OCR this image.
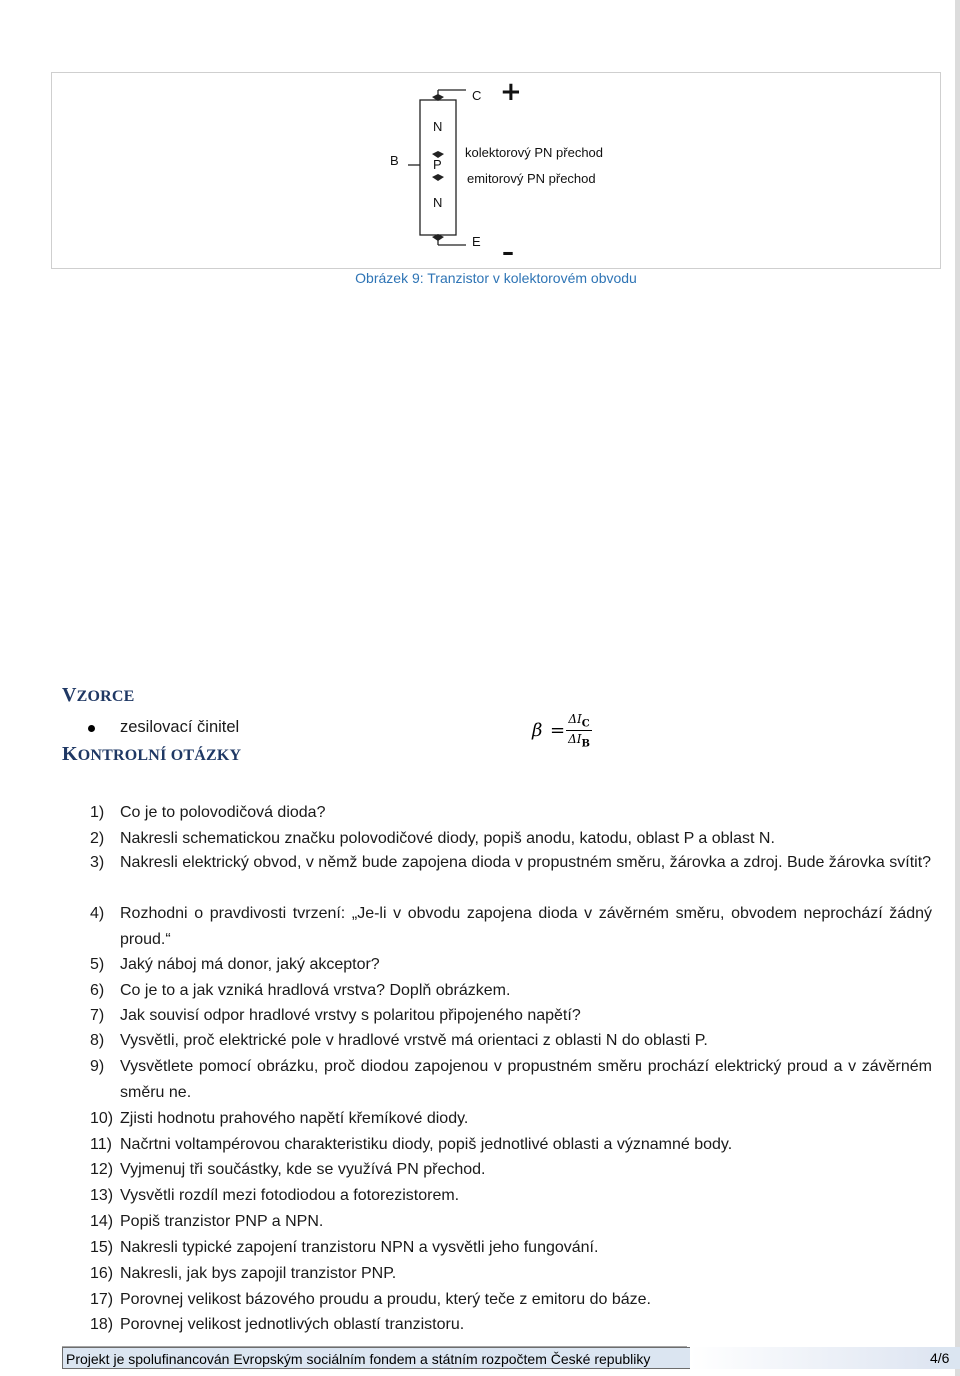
C
E
B
N
P
N
kolektorový PN přechod
emitorový PN přechod
+
–
Obrázek 9: Tranzistor v kolektorovém obvodu
VZORCE
zesilovací činitel	β =
$\Delta I_C$
$\Delta I_B$
KONTROLNÍ OTÁZKY
1) Co je to polovodičová dioda?
2) Nakresli schematickou značku polovodičové diody, popiš anodu, katodu, oblast P a oblast N.
3) Nakresli elektrický obvod, v němž bude zapojena dioda v propustném směru, žárovka a zdroj. Bude žárovka svítit?
4) Rozhodni o pravdivosti tvrzení: „Je-li v obvodu zapojena dioda v závěrném směru, obvodem neprochází žádný proud.“
5) Jaký náboj má donor, jaký akceptor?
6) Co je to a jak vzniká hradlová vrstva? Doplň obrázkem.
7) Jak souvisí odpor hradlové vrstvy s polaritou připojeného napětí?
8) Vysvětli, proč elektrické pole v hradlové vrstvě má orientaci z oblasti N do oblasti P.
9) Vysvětlete pomocí obrázku, proč diodou zapojenou v propustném směru prochází elektrický proud a v závěrném směru ne.
10) Zjisti hodnotu prahového napětí křemíkové diody.
11) Načrtni voltampérovou charakteristiku diody, popiš jednotlivé oblasti a významné body.
12) Vyjmenuj tři součástky, kde se využívá PN přechod.
13) Vysvětli rozdíl mezi fotodiodou a fotorezistorem.
14) Popiš tranzistor PNP a NPN.
15) Nakresli typické zapojení tranzistoru NPN a vysvětli jeho fungování.
16) Nakresli, jak bys zapojil tranzistor PNP.
17) Porovnej velikost bázového proudu a proudu, který teče z emitoru do báze.
18) Porovnej velikost jednotlivých oblastí tranzistoru.
Projekt je spolufinancován Evropským sociálním fondem a státním rozpočtem České republiky	4/6
